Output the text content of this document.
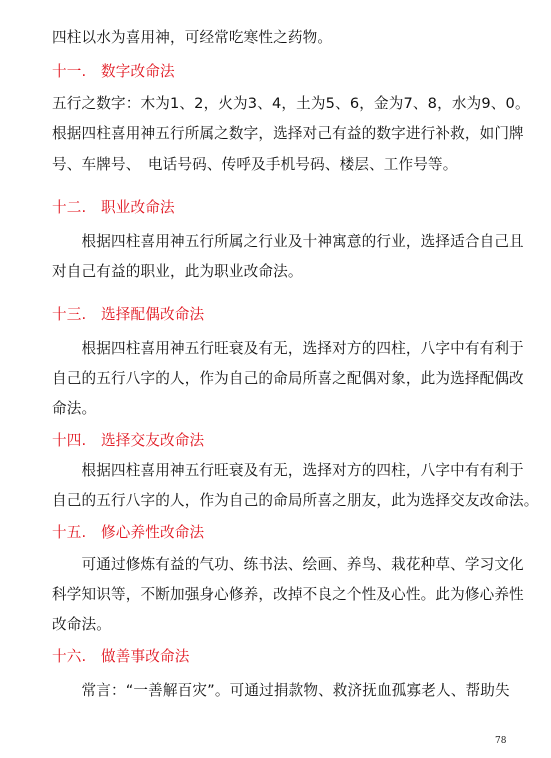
四柱以水为喜用神，可经常吃寒性之药物。
十一.　数字改命法
五行之数字：木为1、2，火为3、4，土为5、6，金为7、8，水为9、0。
根据四柱喜用神五行所属之数字，选择对己有益的数字进行补救，如门牌
号、车牌号、　电话号码、传呼及手机号码、楼层、工作号等。
十二.　职业改命法
　　根据四柱喜用神五行所属之行业及十神寓意的行业，选择适合自己且
对自己有益的职业，此为职业改命法。
十三.　选择配偶改命法
　　根据四柱喜用神五行旺衰及有无，选择对方的四柱，八字中有有利于
自己的五行八字的人，作为自己的命局所喜之配偶对象，此为选择配偶改
命法。
十四.　选择交友改命法
　　根据四柱喜用神五行旺衰及有无，选择对方的四柱，八字中有有利于
自己的五行八字的人，作为自己的命局所喜之朋友，此为选择交友改命法。
十五.　修心养性改命法
　　可通过修炼有益的气功、练书法、绘画、养鸟、栽花种草、学习文化
科学知识等，不断加强身心修养，改掉不良之个性及心性。此为修心养性
改命法。
十六.　做善事改命法
　　常言：“一善解百灾”。可通过捐款物、救济抚血孤寡老人、帮助失
78
